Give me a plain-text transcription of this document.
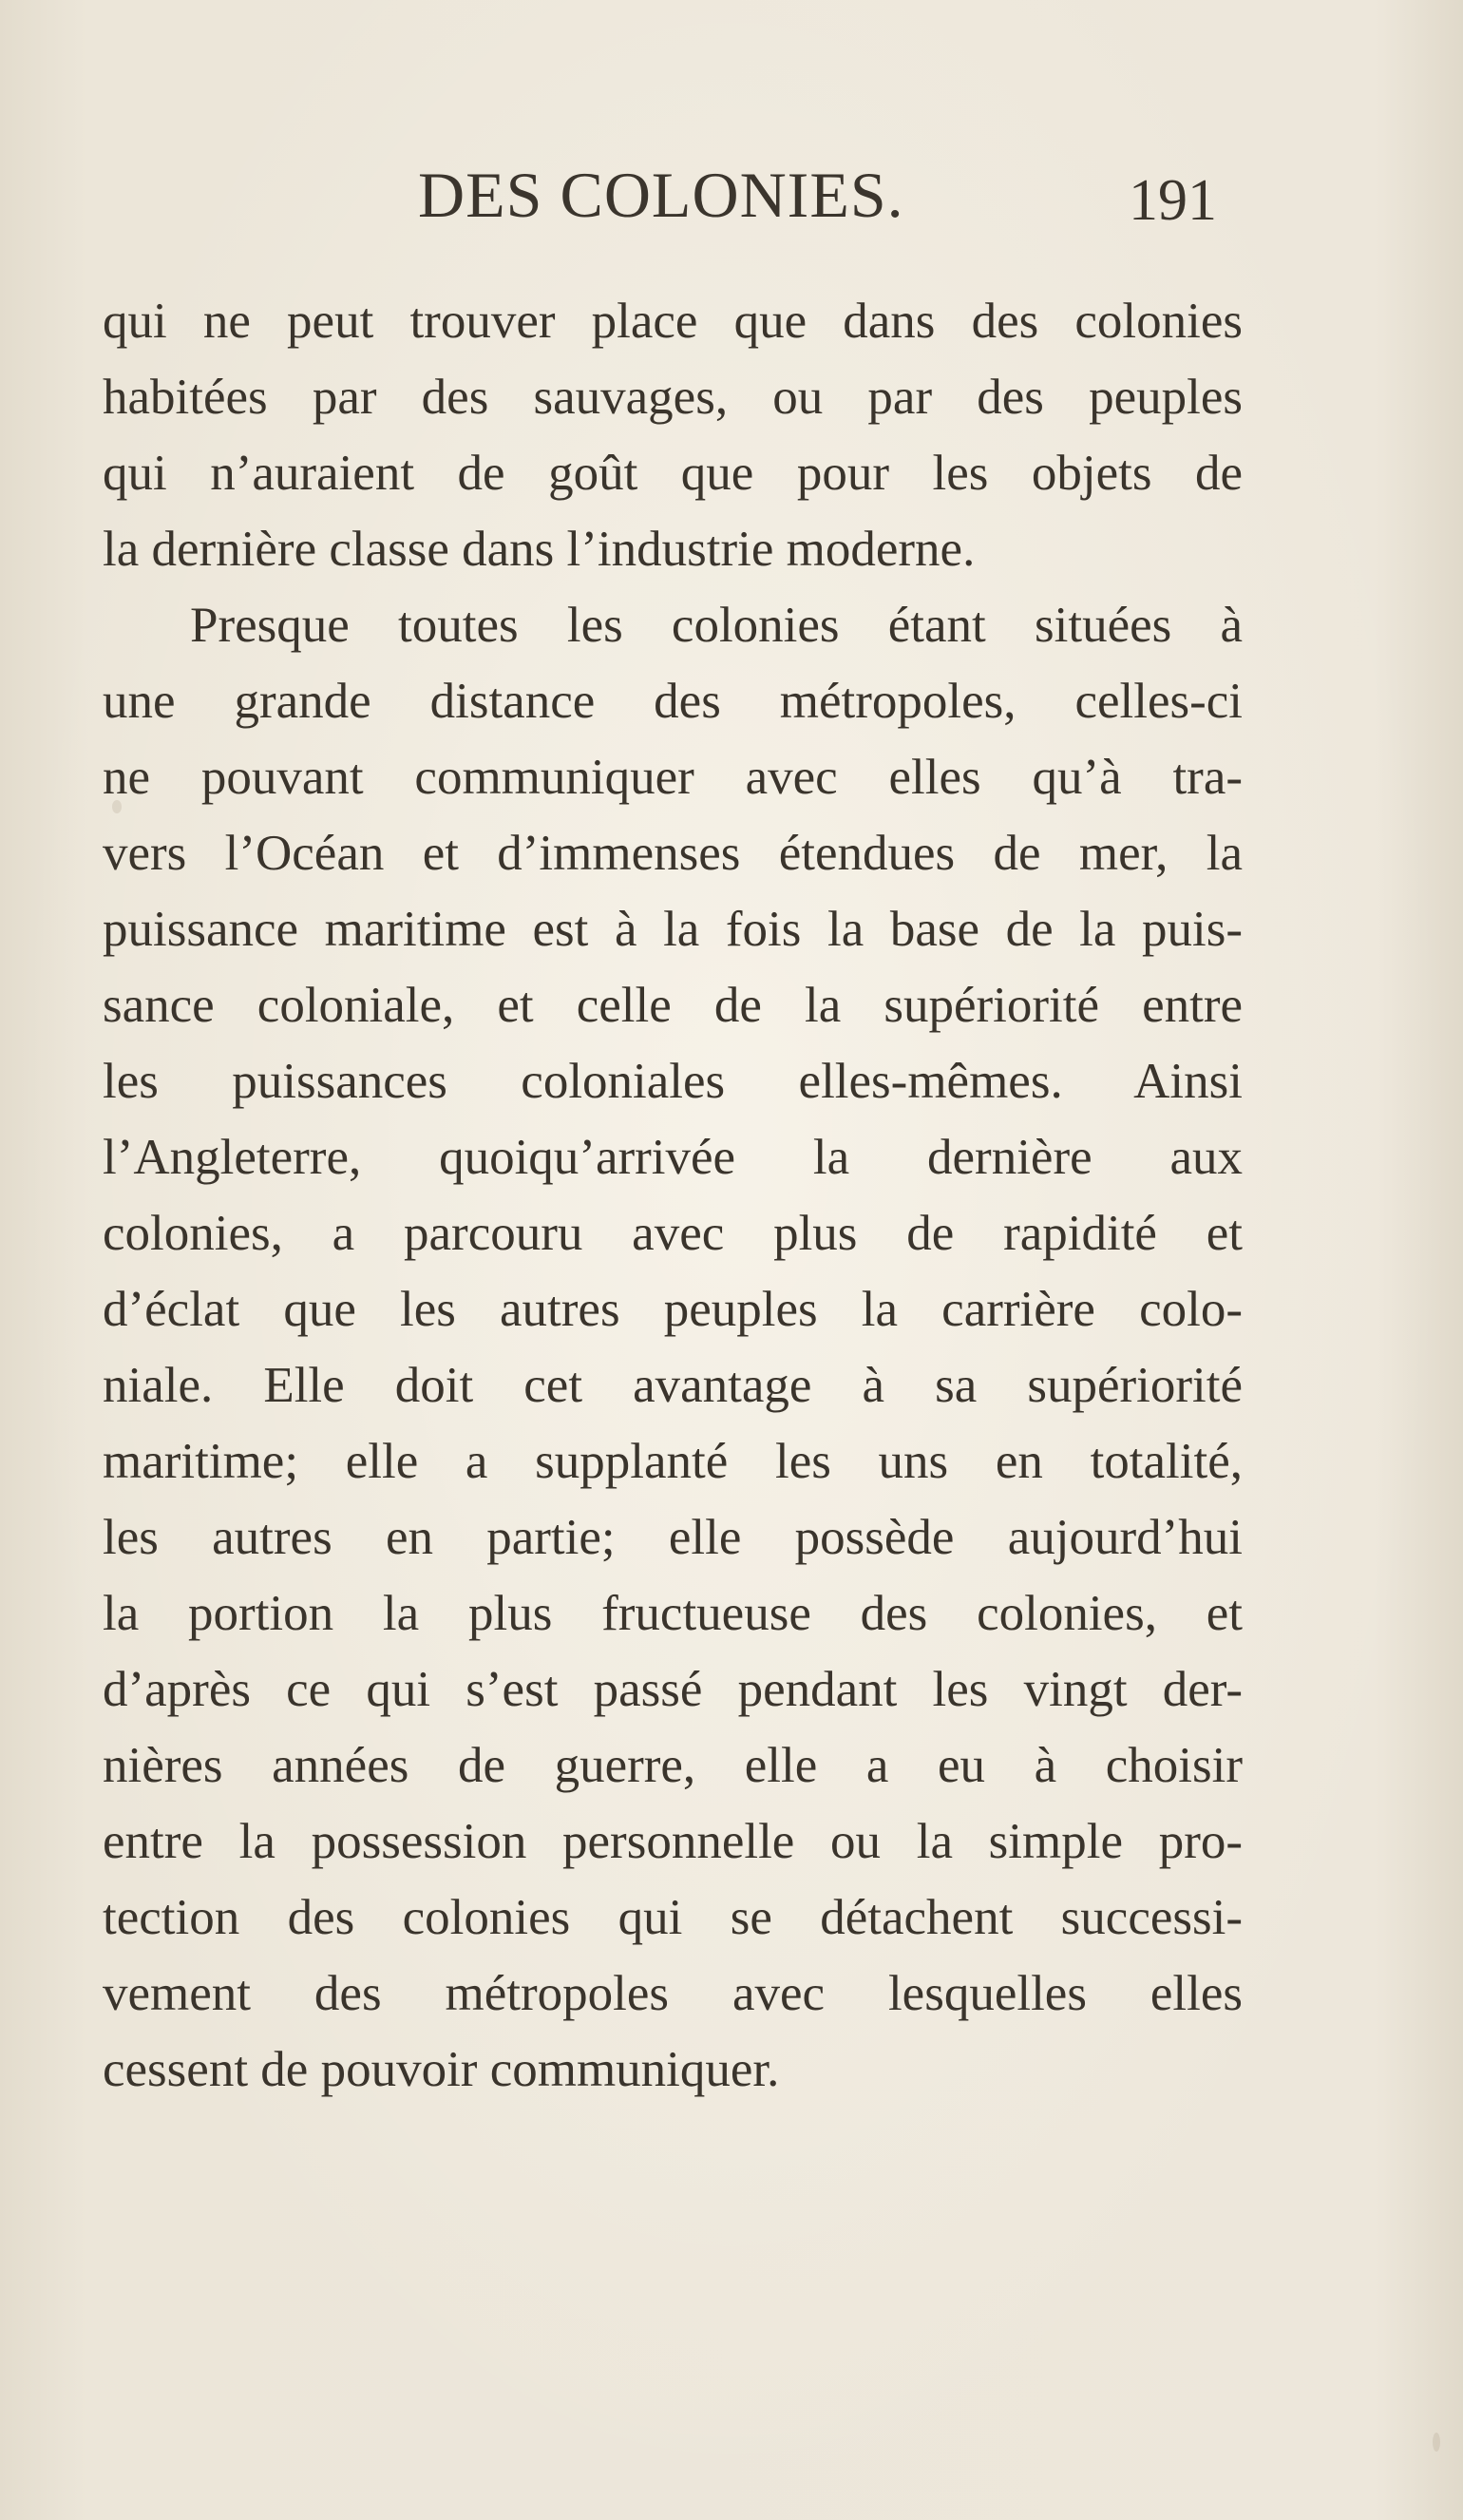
DES COLONIES.	191
qui ne peut trouver place que dans des colonies
habitées par des sauvages, ou par des peuples
qui n’auraient de goût que pour les objets de
la dernière classe dans l’industrie moderne.
Presque toutes les colonies étant situées à
une grande distance des métropoles, celles-ci
ne pouvant communiquer avec elles qu’à tra-
vers l’Océan et d’immenses étendues de mer, la
puissance maritime est à la fois la base de la puis-
sance coloniale, et celle de la supériorité entre
les puissances coloniales elles-mêmes. Ainsi
l’Angleterre, quoiqu’arrivée la dernière aux
colonies, a parcouru avec plus de rapidité et
d’éclat que les autres peuples la carrière colo-
niale. Elle doit cet avantage à sa supériorité
maritime; elle a supplanté les uns en totalité,
les autres en partie; elle possède aujourd’hui
la portion la plus fructueuse des colonies, et
d’après ce qui s’est passé pendant les vingt der-
nières années de guerre, elle a eu à choisir
entre la possession personnelle ou la simple pro-
tection des colonies qui se détachent successi-
vement des métropoles avec lesquelles elles
cessent de pouvoir communiquer.
